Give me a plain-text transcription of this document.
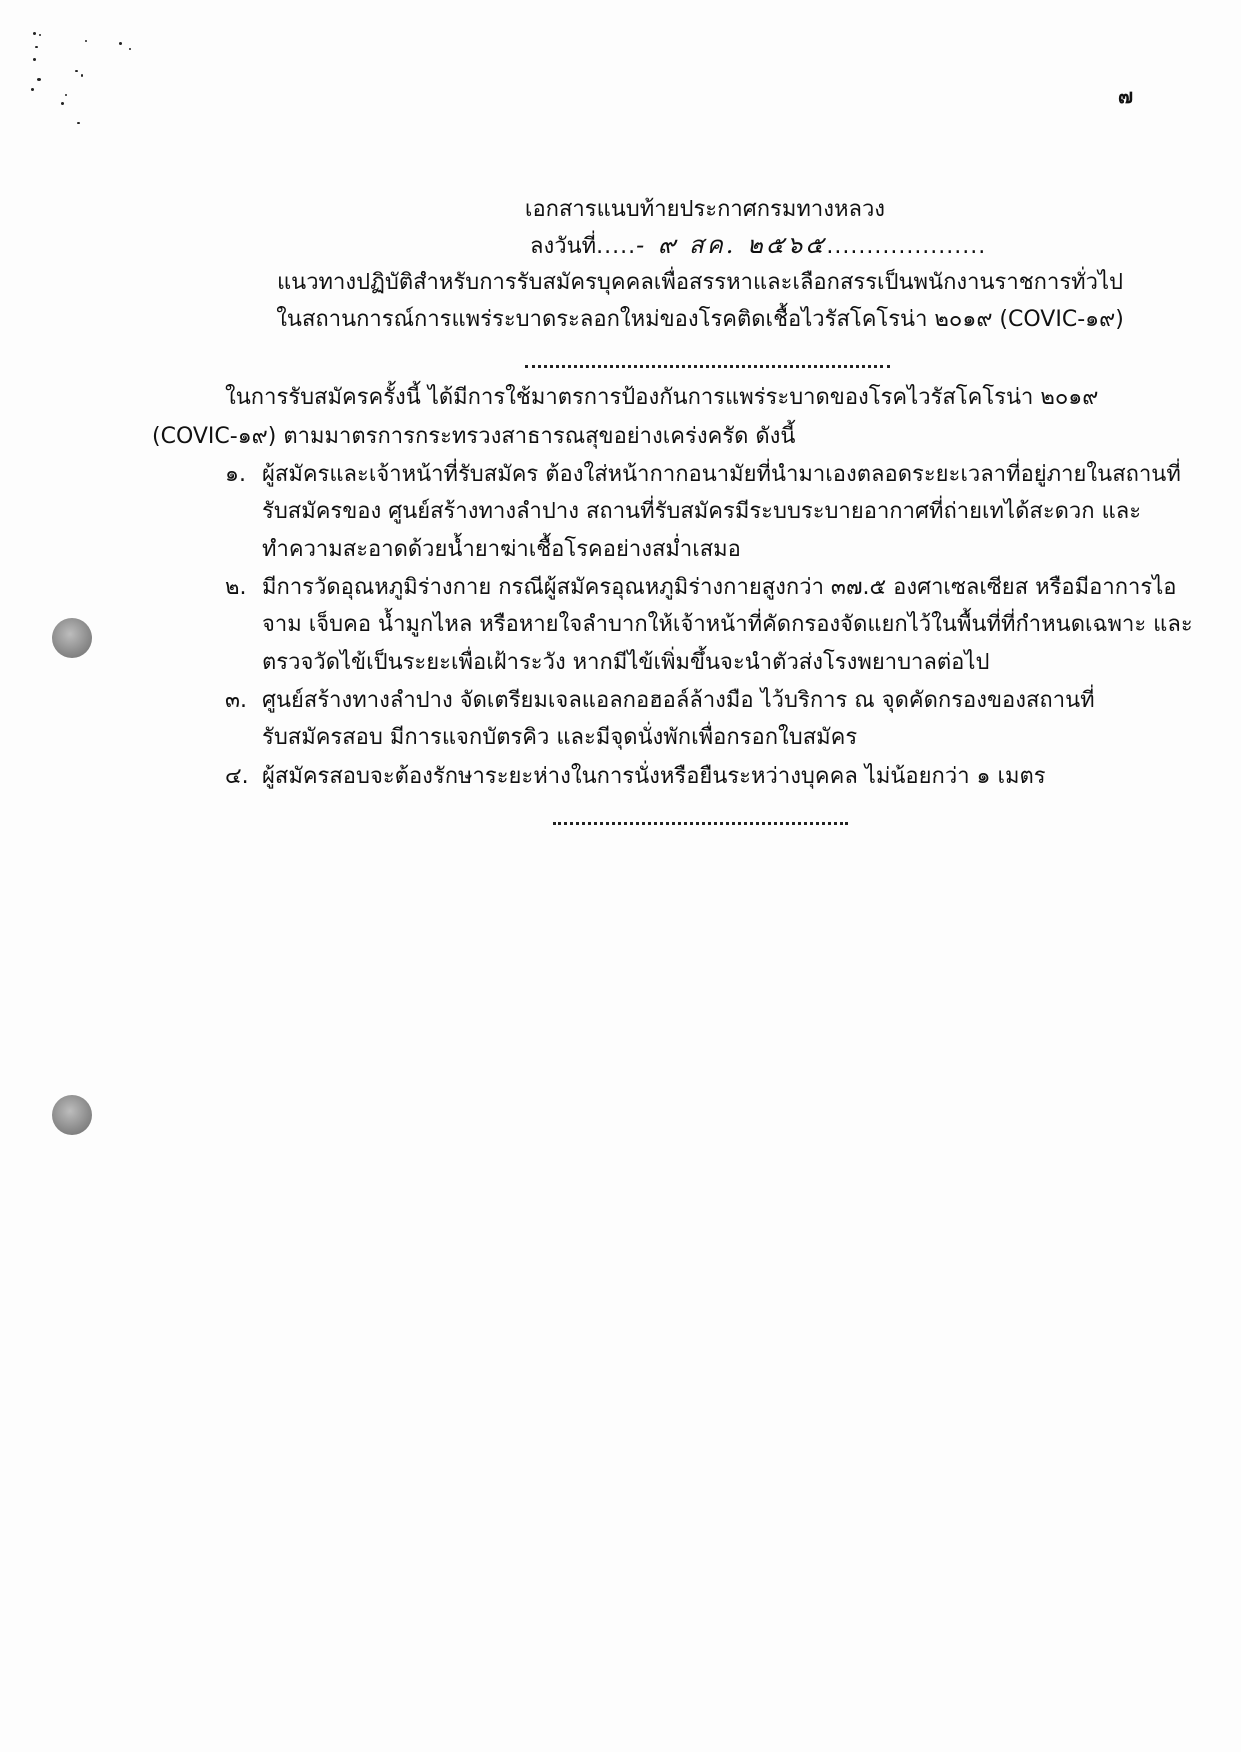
๗
เอกสารแนบท้ายประกาศกรมทางหลวง
ลงวันที่.....- ๙ สค. ๒๕๖๕....................
แนวทางปฏิบัติสำหรับการรับสมัครบุคคลเพื่อสรรหาและเลือกสรรเป็นพนักงานราชการทั่วไป
ในสถานการณ์การแพร่ระบาดระลอกใหม่ของโรคติดเชื้อไวรัสโคโรน่า ๒๐๑๙ (COVIC-๑๙)
ในการรับสมัครครั้งนี้ ได้มีการใช้มาตรการป้องกันการแพร่ระบาดของโรคไวรัสโคโรน่า ๒๐๑๙
(COVIC-๑๙) ตามมาตรการกระทรวงสาธารณสุขอย่างเคร่งครัด ดังนี้
๑. ผู้สมัครและเจ้าหน้าที่รับสมัคร ต้องใส่หน้ากากอนามัยที่นำมาเองตลอดระยะเวลาที่อยู่ภายในสถานที่
รับสมัครของ ศูนย์สร้างทางลำปาง สถานที่รับสมัครมีระบบระบายอากาศที่ถ่ายเทได้สะดวก และ
ทำความสะอาดด้วยน้ำยาฆ่าเชื้อโรคอย่างสม่ำเสมอ
๒. มีการวัดอุณหภูมิร่างกาย กรณีผู้สมัครอุณหภูมิร่างกายสูงกว่า ๓๗.๕ องศาเซลเซียส หรือมีอาการไอ
จาม เจ็บคอ น้ำมูกไหล หรือหายใจลำบากให้เจ้าหน้าที่คัดกรองจัดแยกไว้ในพื้นที่ที่กำหนดเฉพาะ และ
ตรวจวัดไข้เป็นระยะเพื่อเฝ้าระวัง หากมีไข้เพิ่มขึ้นจะนำตัวส่งโรงพยาบาลต่อไป
๓. ศูนย์สร้างทางลำปาง จัดเตรียมเจลแอลกอฮอล์ล้างมือ ไว้บริการ ณ จุดคัดกรองของสถานที่
รับสมัครสอบ มีการแจกบัตรคิว และมีจุดนั่งพักเพื่อกรอกใบสมัคร
๔. ผู้สมัครสอบจะต้องรักษาระยะห่างในการนั่งหรือยืนระหว่างบุคคล ไม่น้อยกว่า ๑ เมตร
